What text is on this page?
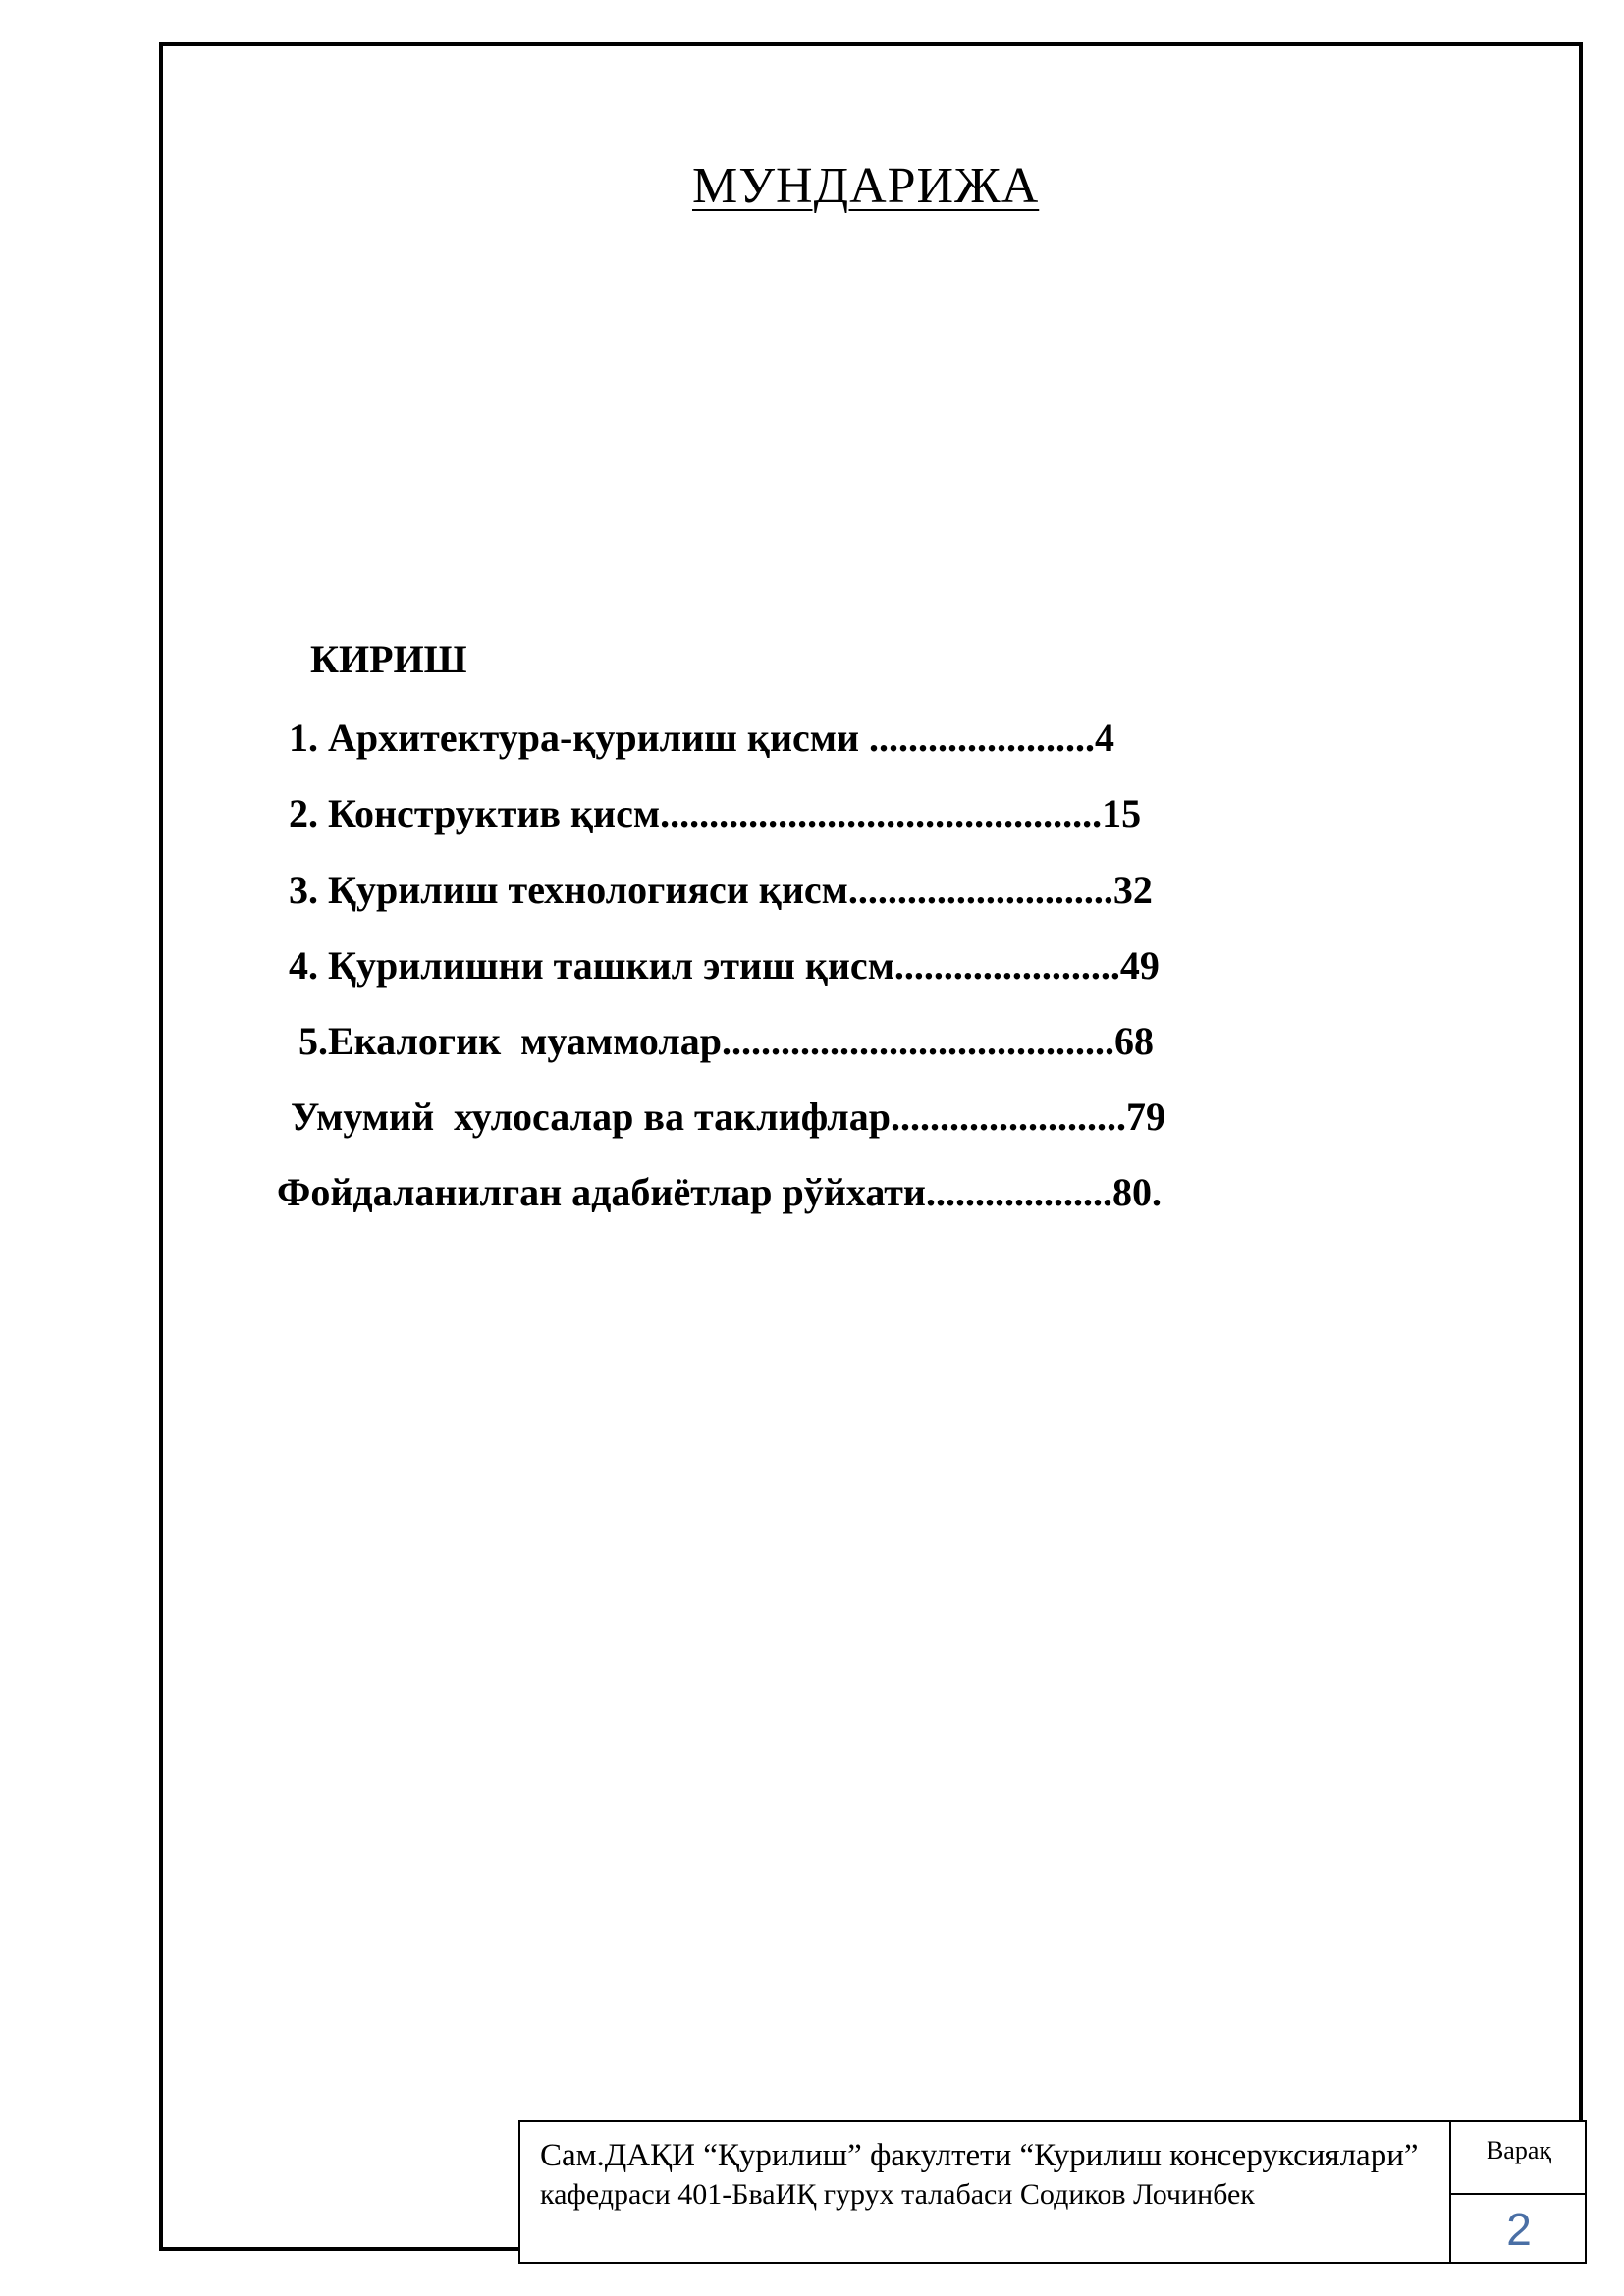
МУНДАРИЖА
КИРИШ
1. Архитектура-қурилиш қисми .......................4
2. Конструктив қисм.............................................15
3. Қурилиш технологияси қисм...........................32
4. Қурилишни ташкил этиш қисм.......................49
5.Екалогик  муаммолар........................................68
Умумий  хулосалар ва таклифлар........................79
Фойдаланилган адабиётлар рўйхати...................80.
Сам.ДАҚИ “Қурилиш” факултети “Курилиш консеруксиялари”
кафедраси 401-БваИҚ гурух талабаси Содиков Лочинбек
Варақ
2
